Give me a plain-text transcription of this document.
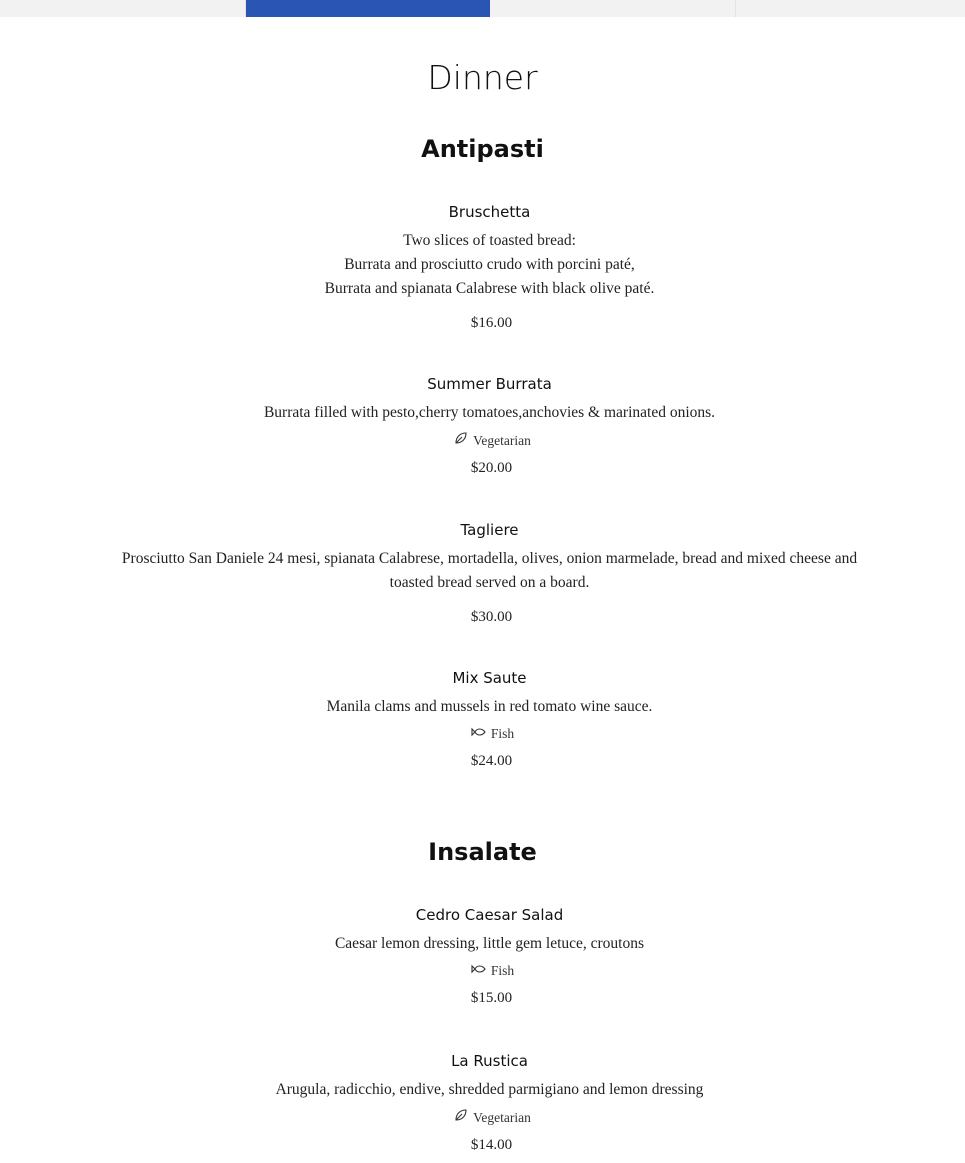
Dinner
Antipasti
Bruschetta
Two slices of toasted bread:
Burrata and prosciutto crudo with porcini paté,
Burrata and spianata Calabrese with black olive paté.
$16.00
Summer Burrata
Burrata filled with pesto,cherry tomatoes,anchovies & marinated onions.
Vegetarian
$20.00
Tagliere
Prosciutto San Daniele 24 mesi, spianata Calabrese, mortadella, olives, onion marmelade, bread and mixed cheese and toasted bread served on a board.
$30.00
Mix Saute
Manila clams and mussels in red tomato wine sauce.
Fish
$24.00
Insalate
Cedro Caesar Salad
Caesar lemon dressing, little gem letuce, croutons
Fish
$15.00
La Rustica
Arugula, radicchio, endive, shredded parmigiano and lemon dressing
Vegetarian
$14.00
